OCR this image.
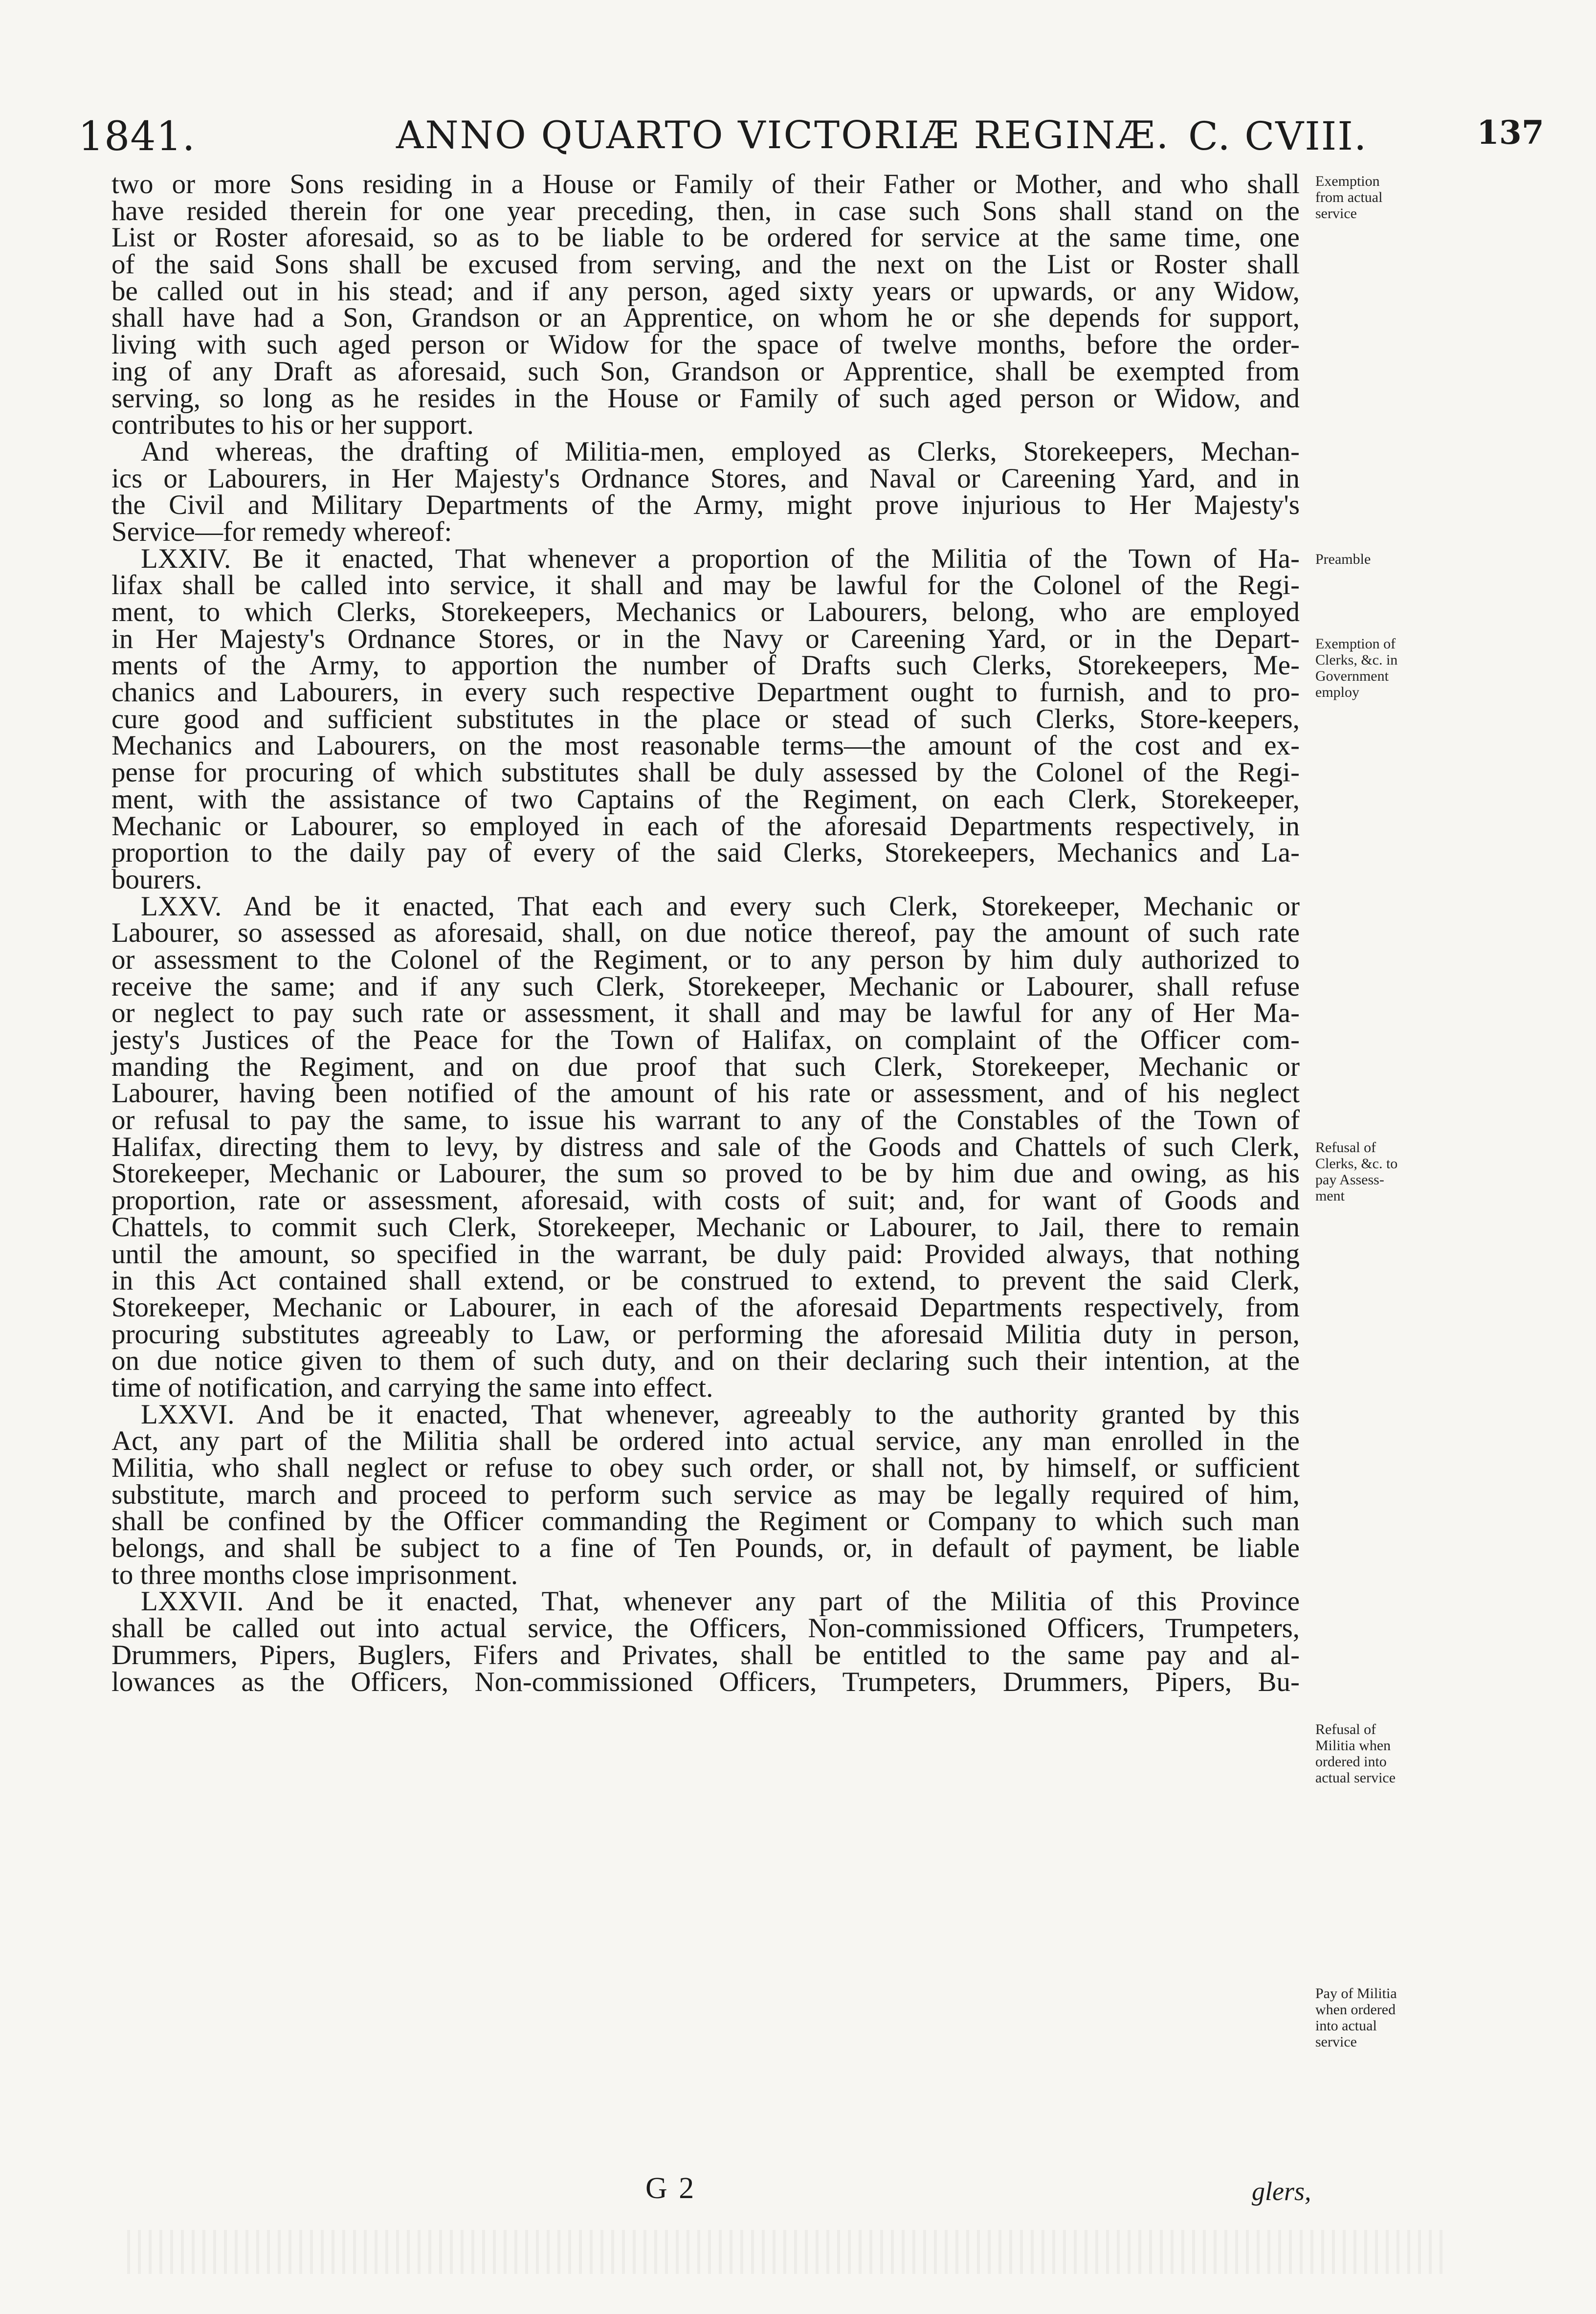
1841.	ANNO QUARTO VICTORIÆ REGINÆ. C. CVIII.	137
two or more Sons residing in a House or Family of their Father or Mother, and who shall
have resided therein for one year preceding, then, in case such Sons shall stand on the
List or Roster aforesaid, so as to be liable to be ordered for service at the same time, one
of the said Sons shall be excused from serving, and the next on the List or Roster shall
be called out in his stead; and if any person, aged sixty years or upwards, or any Widow,
shall have had a Son, Grandson or an Apprentice, on whom he or she depends for support,
living with such aged person or Widow for the space of twelve months, before the order-
ing of any Draft as aforesaid, such Son, Grandson or Apprentice, shall be exempted from
serving, so long as he resides in the House or Family of such aged person or Widow, and
contributes to his or her support.
And whereas, the drafting of Militia-men, employed as Clerks, Storekeepers, Mechan-
ics or Labourers, in Her Majesty's Ordnance Stores, and Naval or Careening Yard, and in
the Civil and Military Departments of the Army, might prove injurious to Her Majesty's
Service—for remedy whereof:
LXXIV. Be it enacted, That whenever a proportion of the Militia of the Town of Ha-
lifax shall be called into service, it shall and may be lawful for the Colonel of the Regi-
ment, to which Clerks, Storekeepers, Mechanics or Labourers, belong, who are employed
in Her Majesty's Ordnance Stores, or in the Navy or Careening Yard, or in the Depart-
ments of the Army, to apportion the number of Drafts such Clerks, Storekeepers, Me-
chanics and Labourers, in every such respective Department ought to furnish, and to pro-
cure good and sufficient substitutes in the place or stead of such Clerks, Store-keepers,
Mechanics and Labourers, on the most reasonable terms—the amount of the cost and ex-
pense for procuring of which substitutes shall be duly assessed by the Colonel of the Regi-
ment, with the assistance of two Captains of the Regiment, on each Clerk, Storekeeper,
Mechanic or Labourer, so employed in each of the aforesaid Departments respectively, in
proportion to the daily pay of every of the said Clerks, Storekeepers, Mechanics and La-
bourers.
LXXV. And be it enacted, That each and every such Clerk, Storekeeper, Mechanic or
Labourer, so assessed as aforesaid, shall, on due notice thereof, pay the amount of such rate
or assessment to the Colonel of the Regiment, or to any person by him duly authorized to
receive the same; and if any such Clerk, Storekeeper, Mechanic or Labourer, shall refuse
or neglect to pay such rate or assessment, it shall and may be lawful for any of Her Ma-
jesty's Justices of the Peace for the Town of Halifax, on complaint of the Officer com-
manding the Regiment, and on due proof that such Clerk, Storekeeper, Mechanic or
Labourer, having been notified of the amount of his rate or assessment, and of his neglect
or refusal to pay the same, to issue his warrant to any of the Constables of the Town of
Halifax, directing them to levy, by distress and sale of the Goods and Chattels of such Clerk,
Storekeeper, Mechanic or Labourer, the sum so proved to be by him due and owing, as his
proportion, rate or assessment, aforesaid, with costs of suit; and, for want of Goods and
Chattels, to commit such Clerk, Storekeeper, Mechanic or Labourer, to Jail, there to remain
until the amount, so specified in the warrant, be duly paid: Provided always, that nothing
in this Act contained shall extend, or be construed to extend, to prevent the said Clerk,
Storekeeper, Mechanic or Labourer, in each of the aforesaid Departments respectively, from
procuring substitutes agreeably to Law, or performing the aforesaid Militia duty in person,
on due notice given to them of such duty, and on their declaring such their intention, at the
time of notification, and carrying the same into effect.
LXXVI. And be it enacted, That whenever, agreeably to the authority granted by this
Act, any part of the Militia shall be ordered into actual service, any man enrolled in the
Militia, who shall neglect or refuse to obey such order, or shall not, by himself, or sufficient
substitute, march and proceed to perform such service as may be legally required of him,
shall be confined by the Officer commanding the Regiment or Company to which such man
belongs, and shall be subject to a fine of Ten Pounds, or, in default of payment, be liable
to three months close imprisonment.
LXXVII. And be it enacted, That, whenever any part of the Militia of this Province
shall be called out into actual service, the Officers, Non-commissioned Officers, Trumpeters,
Drummers, Pipers, Buglers, Fifers and Privates, shall be entitled to the same pay and al-
lowances as the Officers, Non-commissioned Officers, Trumpeters, Drummers, Pipers, Bu-
Exemption
from actual
service
Preamble
Exemption of
Clerks, &c. in
Government
employ
Refusal of
Clerks, &c. to
pay Assess-
ment
Refusal of
Militia when
ordered into
actual service
Pay of Militia
when ordered
into actual
service
G 2	glers,
